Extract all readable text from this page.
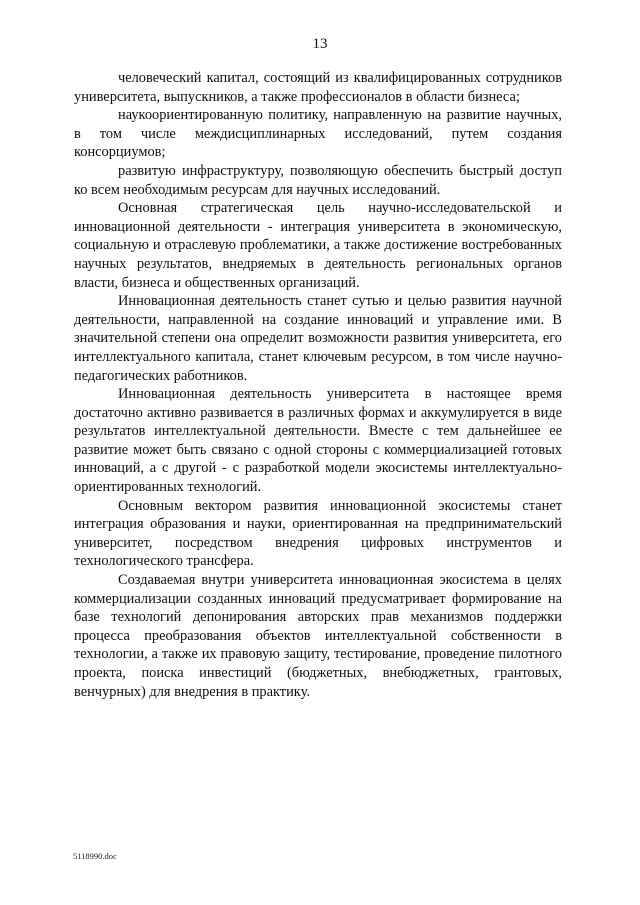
13

человеческий капитал, состоящий из квалифицированных сотрудников университета, выпускников, а также профессионалов в области бизнеса;

наукоориентированную политику, направленную на развитие научных, в том числе междисциплинарных исследований, путем создания консорциумов;

развитую инфраструктуру, позволяющую обеспечить быстрый доступ ко всем необходимым ресурсам для научных исследований.

Основная стратегическая цель научно-исследовательской и инновационной деятельности - интеграция университета в экономическую, социальную и отраслевую проблематики, а также достижение востребованных научных результатов, внедряемых в деятельность региональных органов власти, бизнеса и общественных организаций.

Инновационная деятельность станет сутью и целью развития научной деятельности, направленной на создание инноваций и управление ими. В значительной степени она определит возможности развития университета, его интеллектуального капитала, станет ключевым ресурсом, в том числе научно-педагогических работников.

Инновационная деятельность университета в настоящее время достаточно активно развивается в различных формах и аккумулируется в виде результатов интеллектуальной деятельности. Вместе с тем дальнейшее ее развитие может быть связано с одной стороны с коммерциализацией готовых инноваций, а с другой - с разработкой модели экосистемы интеллектуально-ориентированных технологий.

Основным вектором развития инновационной экосистемы станет интеграция образования и науки, ориентированная на предпринимательский университет, посредством внедрения цифровых инструментов и технологического трансфера.

Создаваемая внутри университета инновационная экосистема в целях коммерциализации созданных инноваций предусматривает формирование на базе технологий депонирования авторских прав механизмов поддержки процесса преобразования объектов интеллектуальной собственности в технологии, а также их правовую защиту, тестирование, проведение пилотного проекта, поиска инвестиций (бюджетных, внебюджетных, грантовых, венчурных) для внедрения в практику.

5118990.doc
